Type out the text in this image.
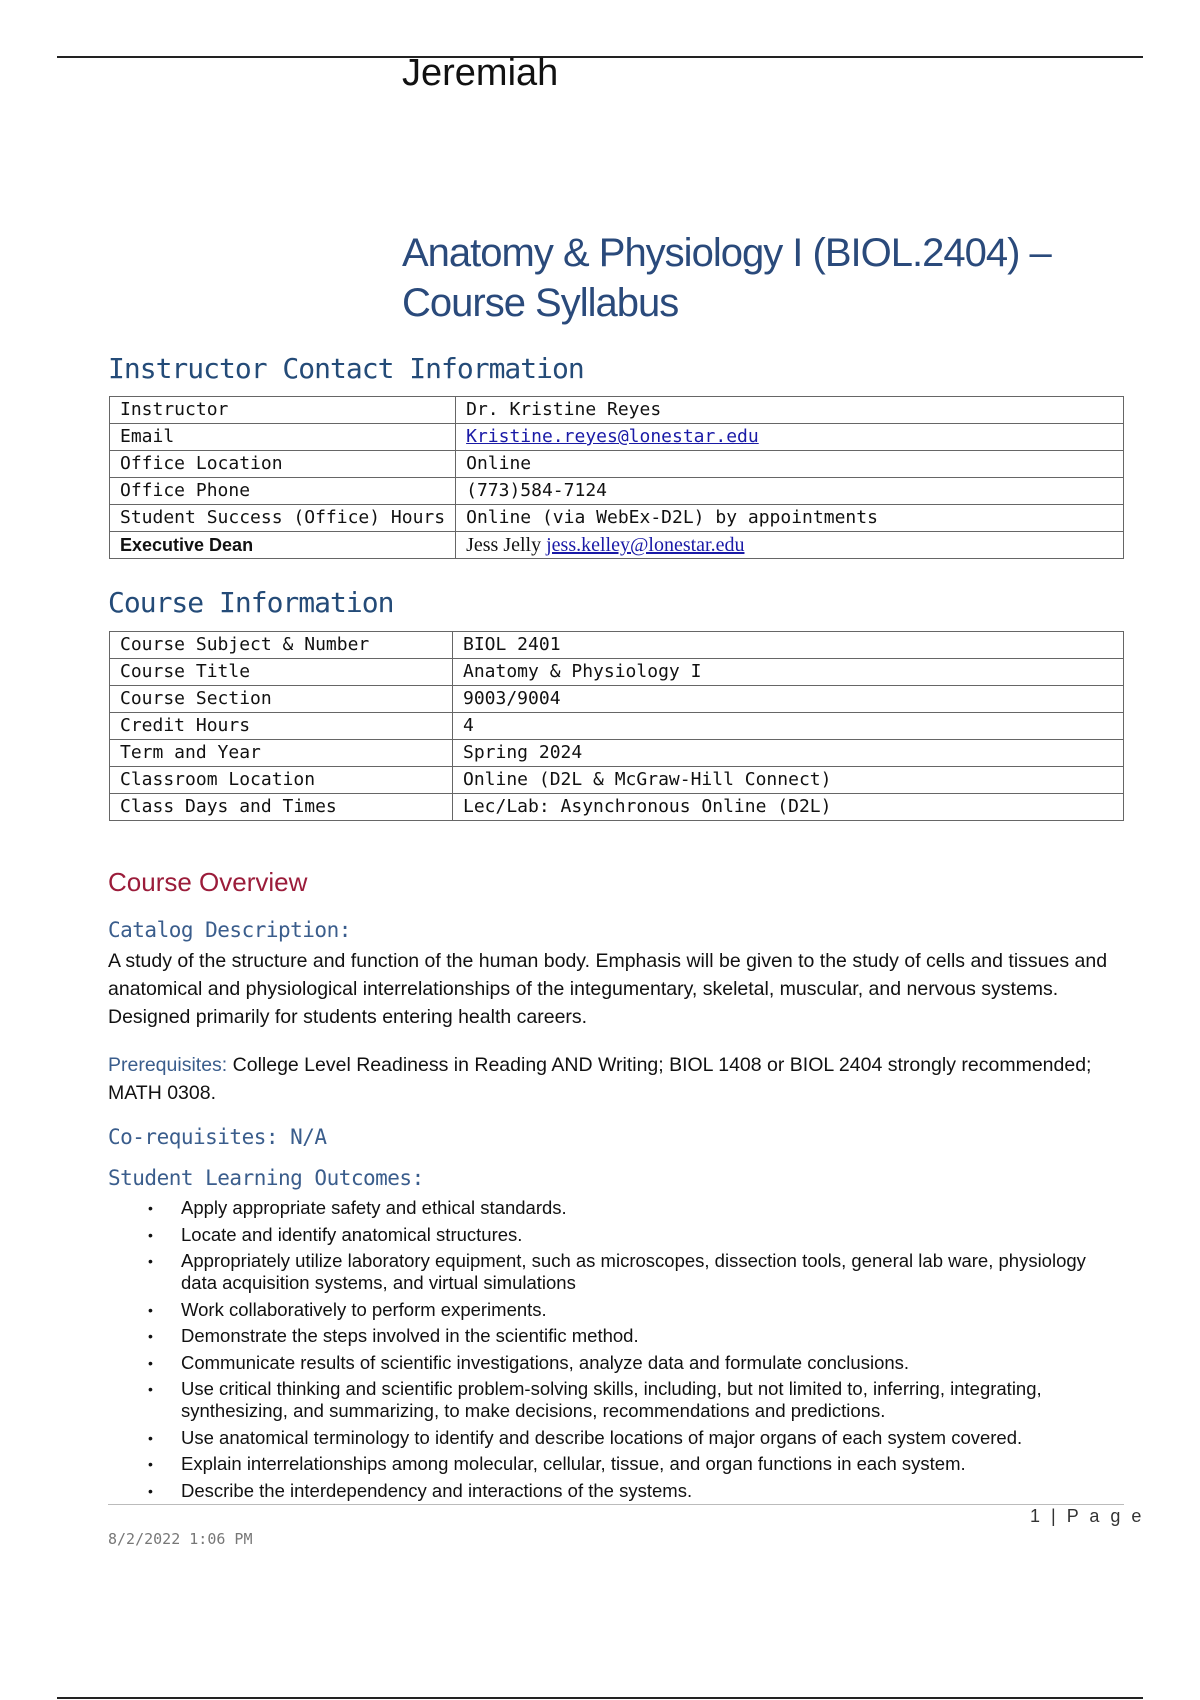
Jeremiah
Anatomy & Physiology I (BIOL.2404) – Course Syllabus
Instructor Contact Information
Instructor	Dr. Kristine Reyes
Email	Kristine.reyes@lonestar.edu
Office Location	Online
Office Phone	(773)584-7124
Student Success (Office) Hours	Online (via WebEx-D2L) by appointments
Executive Dean	Jess Jelly jess.kelley@lonestar.edu
Course Information
Course Subject & Number	BIOL 2401
Course Title	Anatomy & Physiology I
Course Section	9003/9004
Credit Hours	4
Term and Year	Spring 2024
Classroom Location	Online (D2L & McGraw-Hill Connect)
Class Days and Times	Lec/Lab: Asynchronous Online (D2L)
Course Overview
Catalog Description:
A study of the structure and function of the human body. Emphasis will be given to the study of cells and tissues and anatomical and physiological interrelationships of the integumentary, skeletal, muscular, and nervous systems. Designed primarily for students entering health careers.
Prerequisites: College Level Readiness in Reading AND Writing; BIOL 1408 or BIOL 2404 strongly recommended; MATH 0308.
Co-requisites: N/A
Student Learning Outcomes:
• Apply appropriate safety and ethical standards.
• Locate and identify anatomical structures.
• Appropriately utilize laboratory equipment, such as microscopes, dissection tools, general lab ware, physiology data acquisition systems, and virtual simulations
• Work collaboratively to perform experiments.
• Demonstrate the steps involved in the scientific method.
• Communicate results of scientific investigations, analyze data and formulate conclusions.
• Use critical thinking and scientific problem-solving skills, including, but not limited to, inferring, integrating, synthesizing, and summarizing, to make decisions, recommendations and predictions.
• Use anatomical terminology to identify and describe locations of major organs of each system covered.
• Explain interrelationships among molecular, cellular, tissue, and organ functions in each system.
• Describe the interdependency and interactions of the systems.
1 | P a g e
8/2/2022 1:06 PM
